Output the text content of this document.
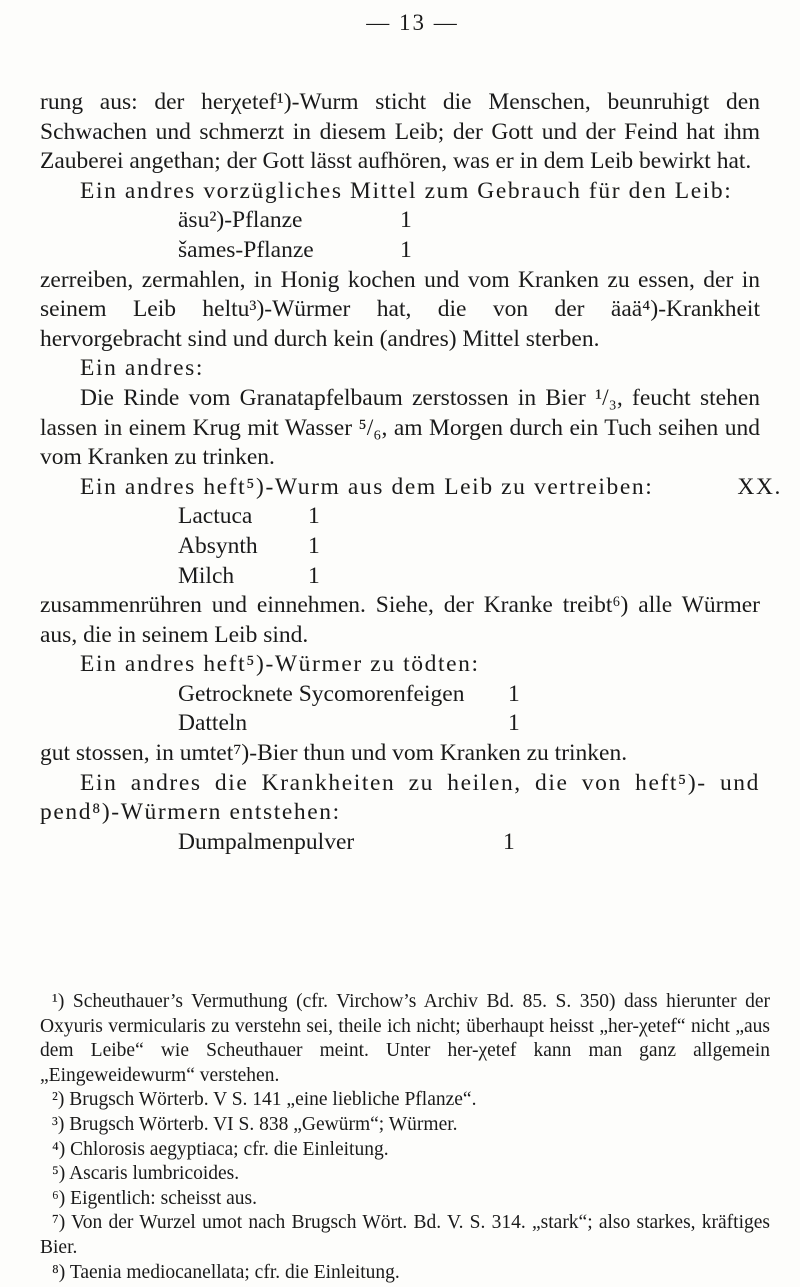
— 13 —

rung aus: der herχetef¹)-Wurm sticht die Menschen, beunruhigt den Schwachen und schmerzt in diesem Leib; der Gott und der Feind hat ihm Zauberei angethan; der Gott lässt aufhören, was er in dem Leib bewirkt hat.

Ein andres vorzügliches Mittel zum Gebrauch für den Leib:

äsu²)-Pflanze	1
šames-Pflanze	1

zerreiben, zermahlen, in Honig kochen und vom Kranken zu essen, der in seinem Leib heltu³)-Würmer hat, die von der äaä⁴)-Krankheit hervorgebracht sind und durch kein (andres) Mittel sterben.

Ein andres:

Die Rinde vom Granatapfelbaum zerstossen in Bier ¹/₃, feucht stehen lassen in einem Krug mit Wasser ⁵/₆, am Morgen durch ein Tuch seihen und vom Kranken zu trinken.

Ein andres heft⁵)-Wurm aus dem Leib zu vertreiben:	XX.

Lactuca	1
Absynth	1
Milch	1

zusammenrühren und einnehmen. Siehe, der Kranke treibt⁶) alle Würmer aus, die in seinem Leib sind.

Ein andres heft⁵)-Würmer zu tödten:

Getrocknete Sycomorenfeigen	1
Datteln	1

gut stossen, in umtet⁷)-Bier thun und vom Kranken zu trinken.

Ein andres die Krankheiten zu heilen, die von heft⁵)- und pend⁸)-Würmern entstehen:

Dumpalmenpulver	1

¹) Scheuthauer’s Vermuthung (cfr. Virchow’s Archiv Bd. 85. S. 350) dass hierunter der Oxyuris vermicularis zu verstehn sei, theile ich nicht; überhaupt heisst „her-χetef“ nicht „aus dem Leibe“ wie Scheuthauer meint. Unter her-χetef kann man ganz allgemein „Eingeweidewurm“ verstehen.

²) Brugsch Wörterb. V S. 141 „eine liebliche Pflanze“.

³) Brugsch Wörterb. VI S. 838 „Gewürm“; Würmer.

⁴) Chlorosis aegyptiaca; cfr. die Einleitung.

⁵) Ascaris lumbricoides.

⁶) Eigentlich: scheisst aus.

⁷) Von der Wurzel umot nach Brugsch Wört. Bd. V. S. 314. „stark“; also starkes, kräftiges Bier.

⁸) Taenia mediocanellata; cfr. die Einleitung.
